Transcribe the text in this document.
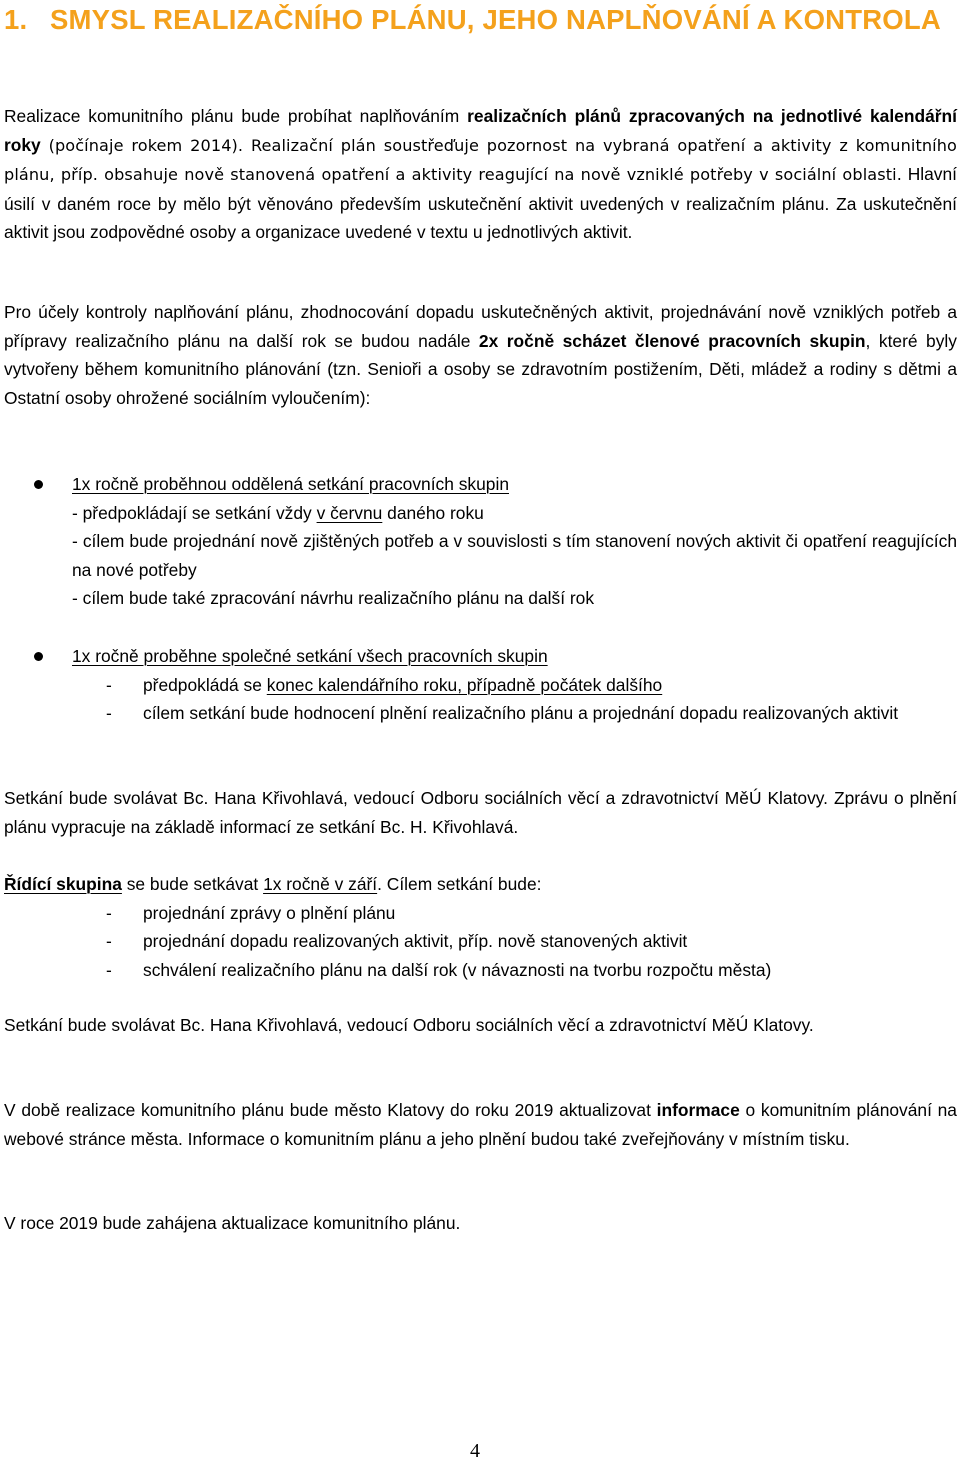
1. SMYSL REALIZAČNÍHO PLÁNU, JEHO NAPLŇOVÁNÍ A KONTROLA

Realizace komunitního plánu bude probíhat naplňováním realizačních plánů zpracovaných na jednotlivé kalendářní roky (počínaje rokem 2014). Realizační plán soustřeďuje pozornost na vybraná opatření a aktivity z komunitního plánu, příp. obsahuje nově stanovená opatření a aktivity reagující na nově vzniklé potřeby v sociální oblasti. Hlavní úsilí v daném roce by mělo být věnováno především uskutečnění aktivit uvedených v realizačním plánu. Za uskutečnění aktivit jsou zodpovědné osoby a organizace uvedené v textu u jednotlivých aktivit.

Pro účely kontroly naplňování plánu, zhodnocování dopadu uskutečněných aktivit, projednávání nově vzniklých potřeb a přípravy realizačního plánu na další rok se budou nadále 2x ročně scházet členové pracovních skupin, které byly vytvořeny během komunitního plánování (tzn. Senioři a osoby se zdravotním postižením, Děti, mládež a rodiny s dětmi a Ostatní osoby ohrožené sociálním vyloučením):

1x ročně proběhnou oddělená setkání pracovních skupin
- předpokládají se setkání vždy v červnu daného roku
- cílem bude projednání nově zjištěných potřeb a v souvislosti s tím stanovení nových aktivit či opatření reagujících na nové potřeby
- cílem bude také zpracování návrhu realizačního plánu na další rok
1x ročně proběhne společné setkání všech pracovních skupin
- předpokládá se konec kalendářního roku, případně počátek dalšího
- cílem setkání bude hodnocení plnění realizačního plánu a projednání dopadu realizovaných aktivit

Setkání bude svolávat Bc. Hana Křivohlavá, vedoucí Odboru sociálních věcí a zdravotnictví MěÚ Klatovy. Zprávu o plnění plánu vypracuje na základě informací ze setkání Bc. H. Křivohlavá.

Řídící skupina se bude setkávat 1x ročně v září. Cílem setkání bude:
- projednání zprávy o plnění plánu
- projednání dopadu realizovaných aktivit, příp. nově stanovených aktivit
- schválení realizačního plánu na další rok (v návaznosti na tvorbu rozpočtu města)

Setkání bude svolávat Bc. Hana Křivohlavá, vedoucí Odboru sociálních věcí a zdravotnictví MěÚ Klatovy.

V době realizace komunitního plánu bude město Klatovy do roku 2019 aktualizovat informace o komunitním plánování na webové stránce města. Informace o komunitním plánu a jeho plnění budou také zveřejňovány v místním tisku.

V roce 2019 bude zahájena aktualizace komunitního plánu.

4
